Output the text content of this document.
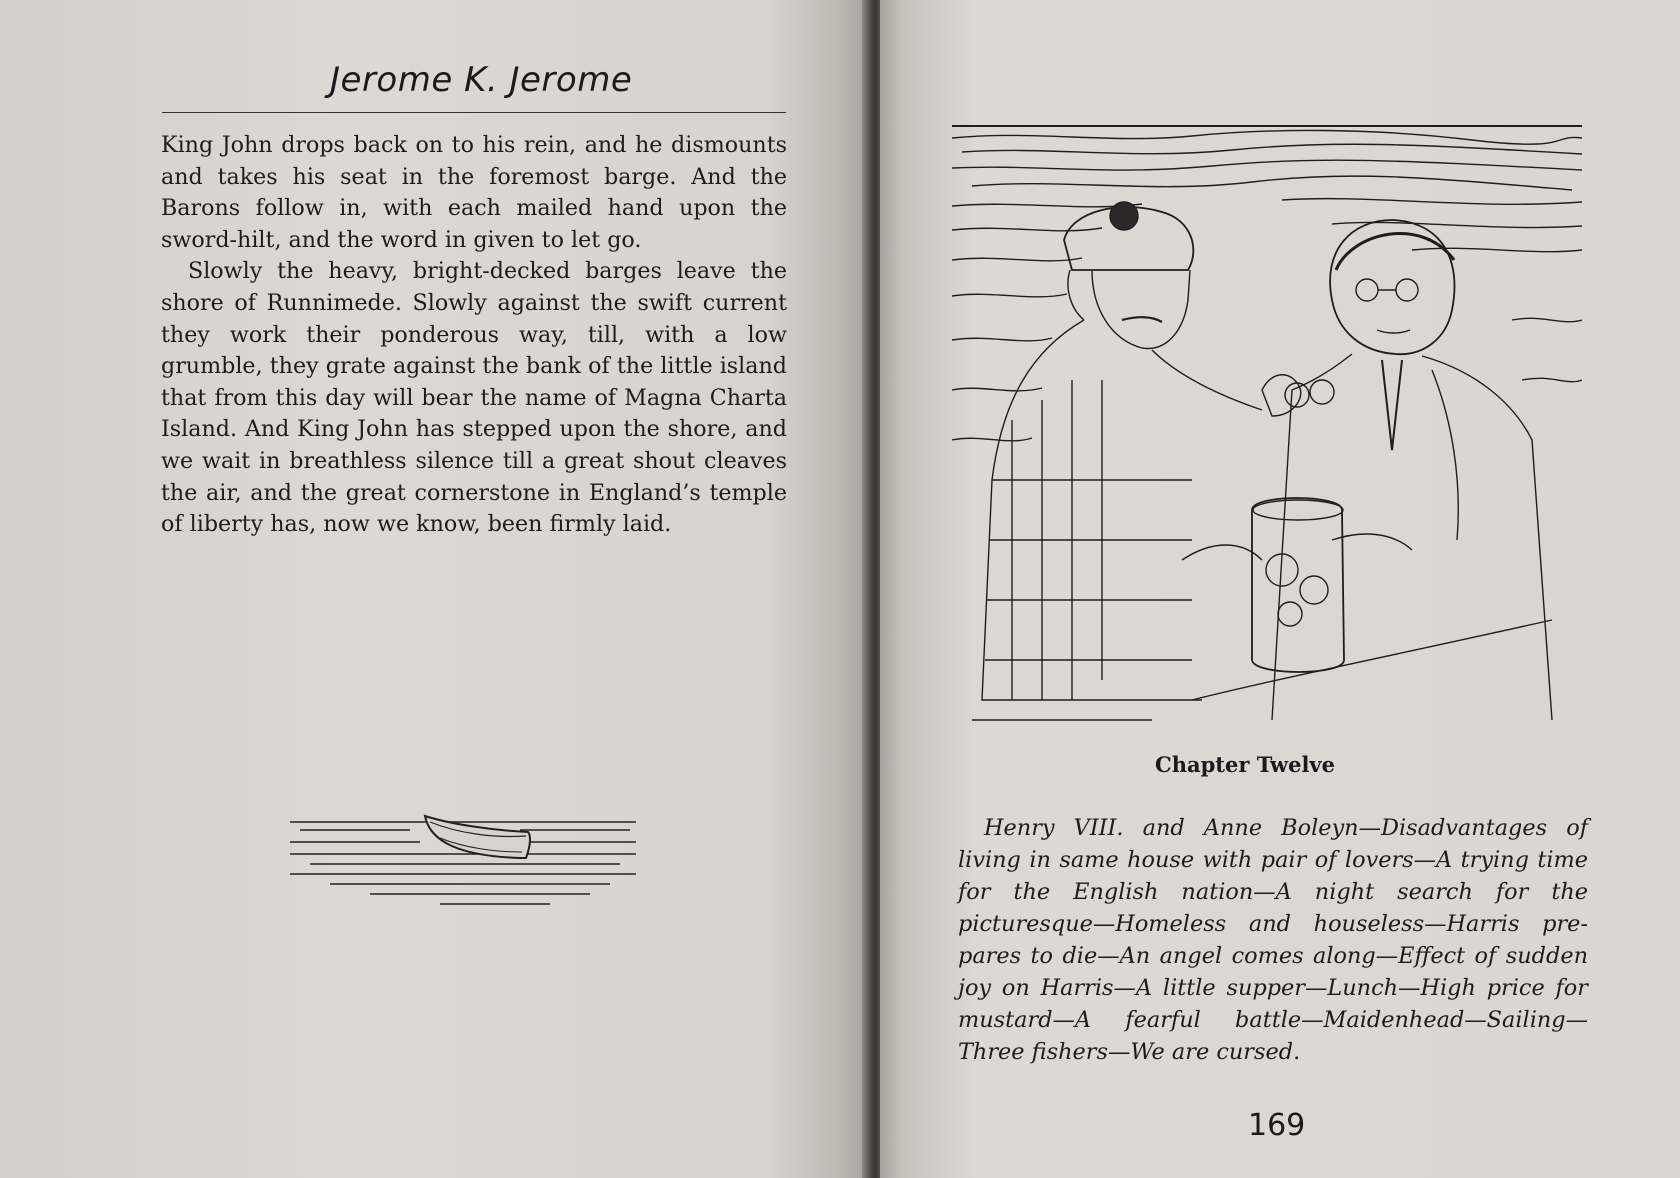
Jerome K. Jerome

King John drops back on to his rein, and he dismounts and takes his seat in the foremost barge. And the Barons follow in, with each mailed hand upon the sword-hilt, and the word in given to let go.

Slowly the heavy, bright-decked barges leave the shore of Runnimede. Slowly against the swift current they work their ponderous way, till, with a low grumble, they grate against the bank of the little island that from this day will bear the name of Magna Charta Island. And King John has stepped upon the shore, and we wait in breathless silence till a great shout cleaves the air, and the great cornerstone in England’s temple of liberty has, now we know, been firmly laid.

Chapter Twelve

Henry VIII. and Anne Boleyn—Disadvantages of living in same house with pair of lovers—A trying time for the English nation—A night search for the picturesque—Homeless and houseless—Harris prepares to die—An angel comes along—Effect of sudden joy on Harris—A little supper—Lunch—High price for mustard—A fearful battle—Maidenhead—Sailing—Three fishers—We are cursed.

169
